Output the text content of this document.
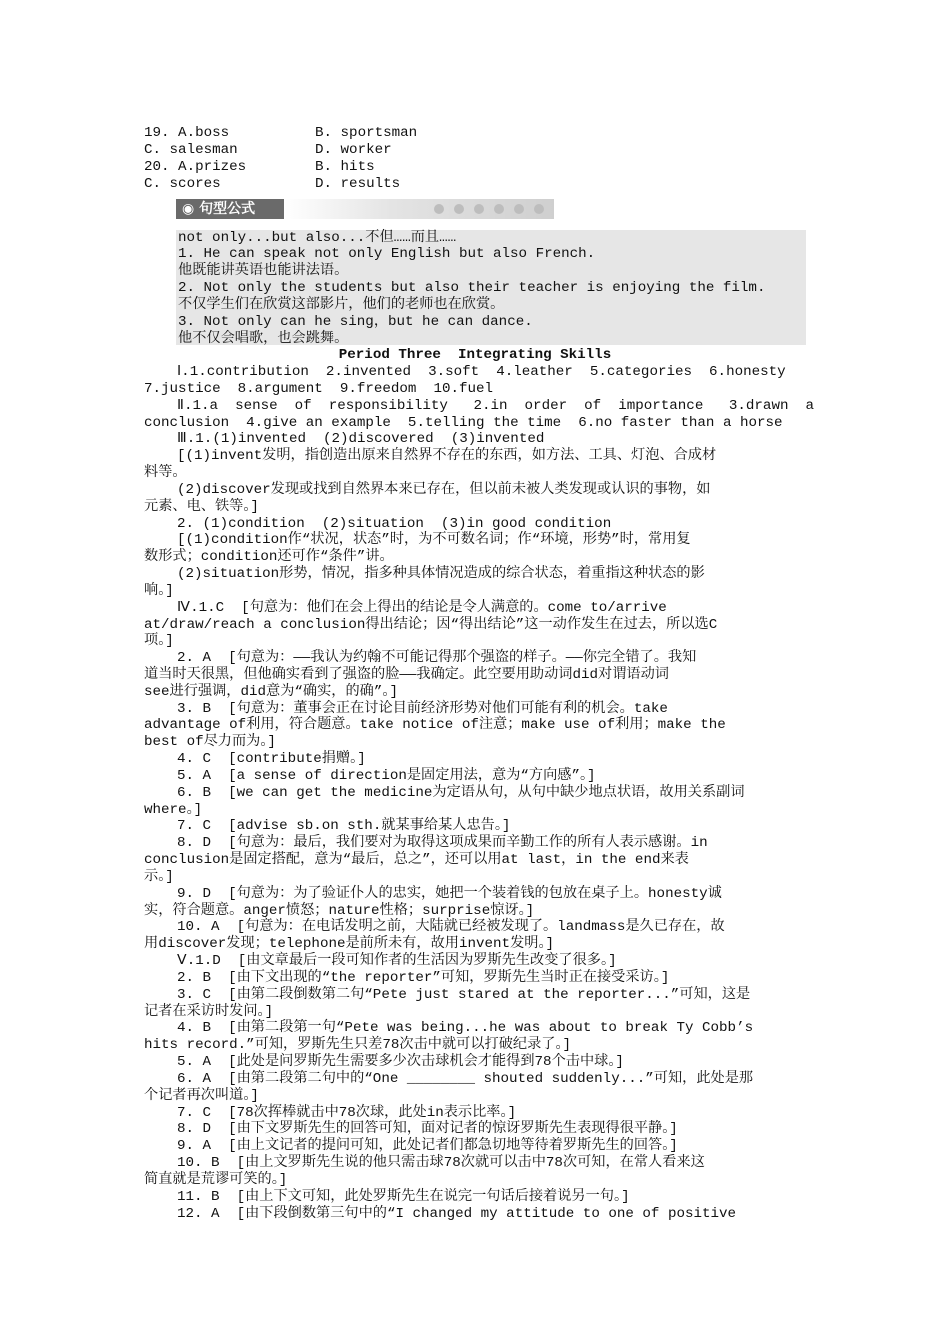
19. A.boss	B. sportsman
C. salesman	D. worker
20. A.prizes	B. hits
C. scores	D. results
◉ 句型公式
not only...but also...不但……而且……
1. He can speak not only English but also French.
他既能讲英语也能讲法语。
2. Not only the students but also their teacher is enjoying the film.
不仅学生们在欣赏这部影片，他们的老师也在欣赏。
3. Not only can he sing，but he can dance.
他不仅会唱歌，也会跳舞。
Period Three  Integrating Skills
Ⅰ.1.contribution  2.invented  3.soft  4.leather  5.categories  6.honesty
7.justice  8.argument  9.freedom  10.fuel
Ⅱ.1.a  sense  of  responsibility   2.in  order  of  importance   3.drawn  a
conclusion  4.give an example  5.telling the time  6.no faster than a horse
Ⅲ.1.(1)invented  (2)discovered  (3)invented
[(1)invent发明，指创造出原来自然界不存在的东西，如方法、工具、灯泡、合成材
料等。
(2)discover发现或找到自然界本来已存在，但以前未被人类发现或认识的事物，如
元素、电、铁等。]
2. (1)condition  (2)situation  (3)in good condition
[(1)condition作“状况，状态”时，为不可数名词；作“环境，形势”时，常用复
数形式；condition还可作“条件”讲。
(2)situation形势，情况，指多种具体情况造成的综合状态，着重指这种状态的影
响。]
Ⅳ.1.C  [句意为：他们在会上得出的结论是令人满意的。come to/arrive
at/draw/reach a conclusion得出结论；因“得出结论”这一动作发生在过去，所以选C
项。]
2. A  [句意为：——我认为约翰不可能记得那个强盗的样子。——你完全错了。我知
道当时天很黑，但他确实看到了强盗的脸——我确定。此空要用助动词did对谓语动词
see进行强调，did意为“确实，的确”。]
3. B  [句意为：董事会正在讨论目前经济形势对他们可能有利的机会。take
advantage of利用，符合题意。take notice of注意；make use of利用；make the
best of尽力而为。]
4. C  [contribute捐赠。]
5. A  [a sense of direction是固定用法，意为“方向感”。]
6. B  [we can get the medicine为定语从句，从句中缺少地点状语，故用关系副词
where。]
7. C  [advise sb.on sth.就某事给某人忠告。]
8. D  [句意为：最后，我们要对为取得这项成果而辛勤工作的所有人表示感谢。in
conclusion是固定搭配，意为“最后，总之”，还可以用at last，in the end来表
示。]
9. D  [句意为：为了验证仆人的忠实，她把一个装着钱的包放在桌子上。honesty诚
实，符合题意。anger愤怒；nature性格；surprise惊讶。]
10. A  [句意为：在电话发明之前，大陆就已经被发现了。landmass是久已存在，故
用discover发现；telephone是前所未有，故用invent发明。]
Ⅴ.1.D  [由文章最后一段可知作者的生活因为罗斯先生改变了很多。]
2. B  [由下文出现的“the reporter”可知，罗斯先生当时正在接受采访。]
3. C  [由第二段倒数第二句“Pete just stared at the reporter...”可知，这是
记者在采访时发问。]
4. B  [由第二段第一句“Pete was being...he was about to break Ty Cobb’s
hits record.”可知，罗斯先生只差78次击中就可以打破纪录了。]
5. A  [此处是问罗斯先生需要多少次击球机会才能得到78个击中球。]
6. A  [由第二段第二句中的“One ________ shouted suddenly...”可知，此处是那
个记者再次叫道。]
7. C  [78次挥棒就击中78次球，此处in表示比率。]
8. D  [由下文罗斯先生的回答可知，面对记者的惊讶罗斯先生表现得很平静。]
9. A  [由上文记者的提问可知，此处记者们都急切地等待着罗斯先生的回答。]
10. B  [由上文罗斯先生说的他只需击球78次就可以击中78次可知，在常人看来这
简直就是荒谬可笑的。]
11. B  [由上下文可知，此处罗斯先生在说完一句话后接着说另一句。]
12. A  [由下段倒数第三句中的“I changed my attitude to one of positive
